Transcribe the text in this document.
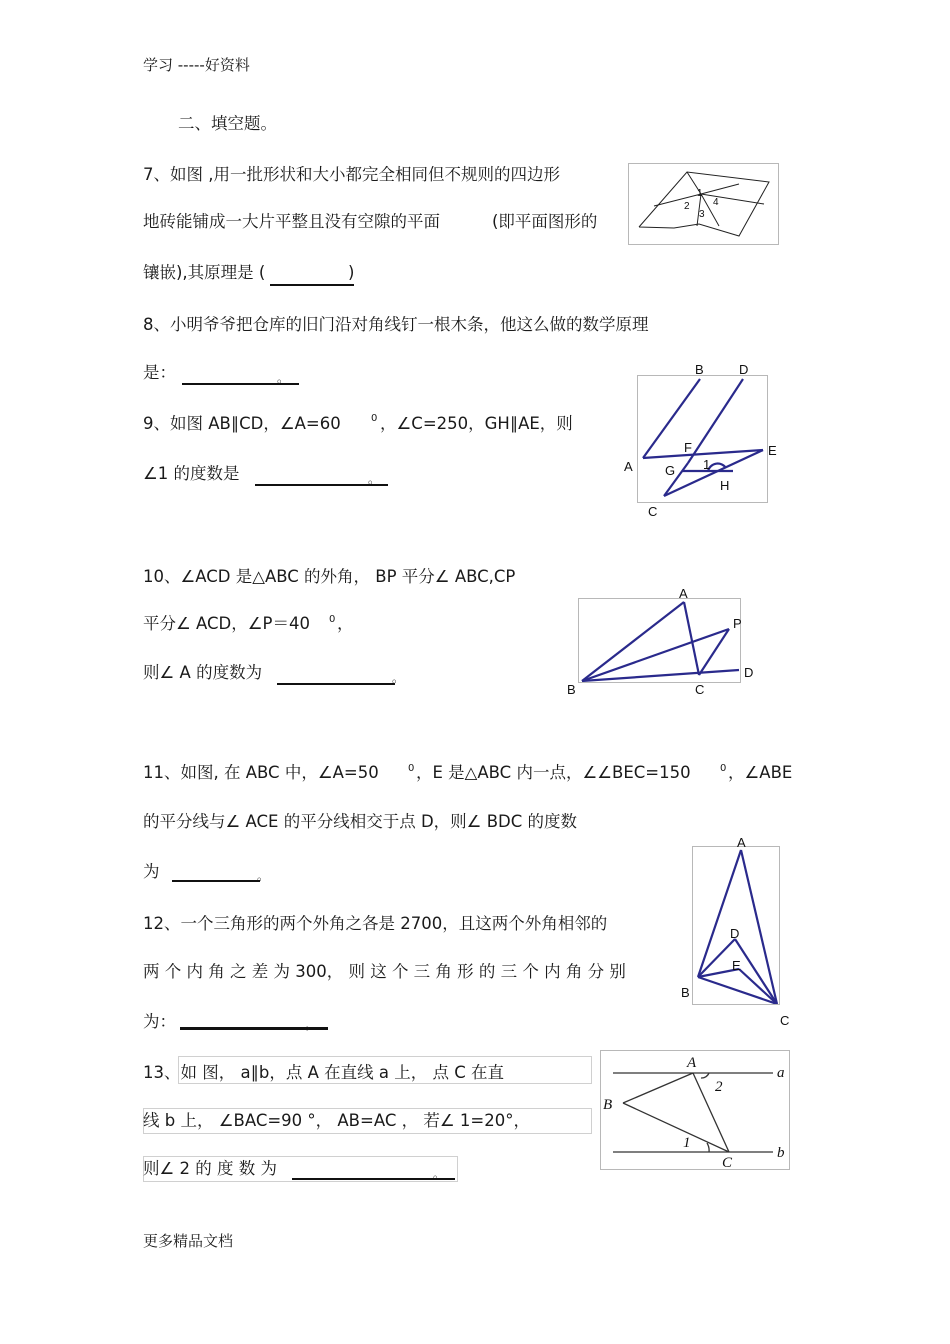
学习 -----好资料
二、填空题。
7、如图 ,用一批形状和大小都完全相同但不规则的四边形
地砖能铺成一大片平整且没有空隙的平面	(即平面图形的
镶嵌),其原理是 (	)
1
2
3
4
8、小明爷爷把仓库的旧门沿对角线钉一根木条，他这么做的数学原理
是：	。
9、如图 AB∥CD，∠A=60	0 ，∠C=250，GH∥AE，则
∠1 的度数是	。
B	D
F	E
A G 1
H
C
10、∠ACD 是△ABC 的外角， BP 平分∠ ABC,CP
平分∠ ACD，∠P＝40 0 ，
则∠ A 的度数为	。
A
P
B	C
D
11、如图, 在 ABC 中，∠A=50	0 ，E 是△ABC 内一点，∠∠BEC=150	0 ，∠ABE
的平分线与∠ ACE 的平分线相交于点 D，则∠ BDC 的度数
为	。
A
D
E
B
C
12、一个三角形的两个外角之各是 2700，且这两个外角相邻的
两 个 内 角 之 差 为 300， 则 这 个 三 角 形 的 三 个 内 角 分 别
为：	。
13、如 图， a∥b，点 A 在直线 a 上， 点 C 在直
线 b 上， ∠BAC=90 °， AB=AC ， 若∠ 1=20°，
则∠ 2 的 度 数 为	。
A
a
2
B
1
C
b
更多精品文档
